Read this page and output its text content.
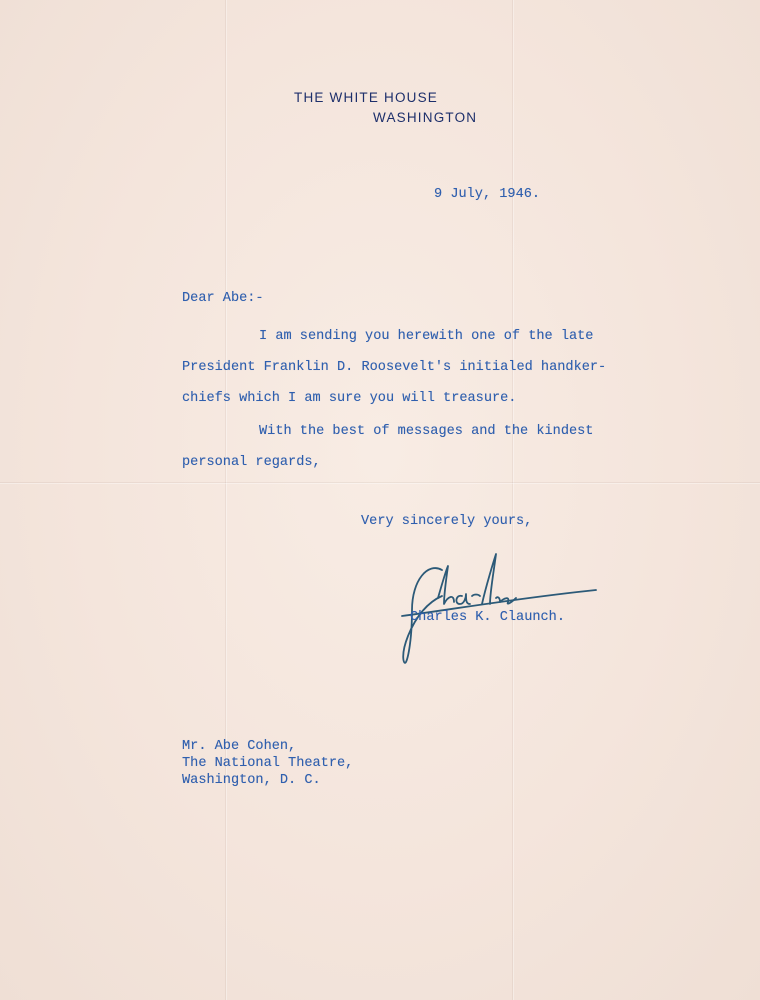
THE WHITE HOUSE
WASHINGTON
9 July, 1946.
Dear Abe:-
I am sending you herewith one of the late
President Franklin D. Roosevelt's initialed handker-
chiefs which I am sure you will treasure.
With the best of messages and the kindest
personal regards,
Very sincerely yours,
Charles K. Claunch.
Mr. Abe Cohen,
The National Theatre,
Washington, D. C.
